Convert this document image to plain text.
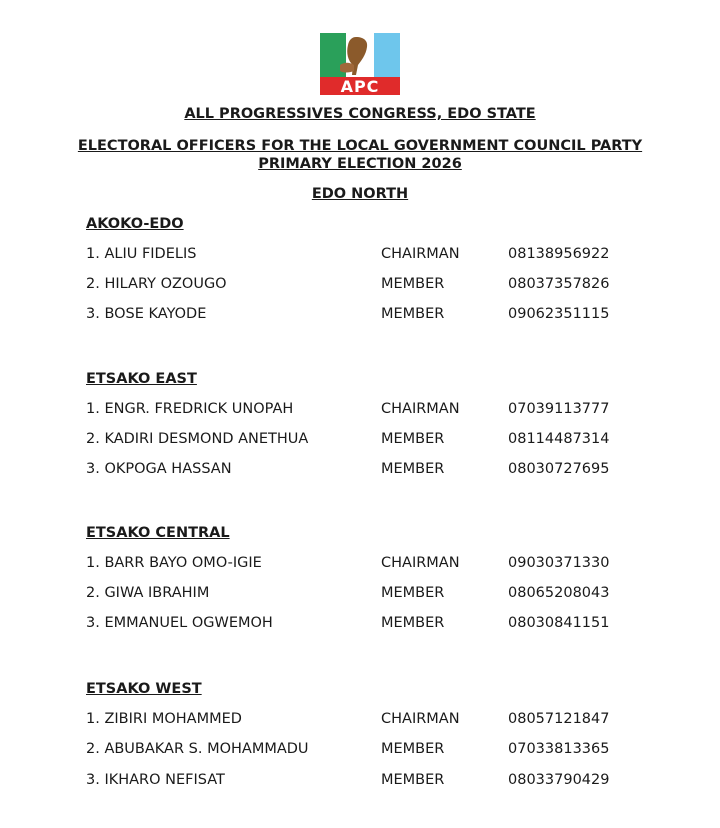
APC
ALL PROGRESSIVES CONGRESS, EDO STATE
ELECTORAL OFFICERS FOR THE LOCAL GOVERNMENT COUNCIL PARTY
PRIMARY ELECTION 2026
EDO NORTH
AKOKO-EDO
1. ALIU FIDELIS	CHAIRMAN	08138956922
2. HILARY OZOUGO	MEMBER	08037357826
3. BOSE KAYODE	MEMBER	09062351115
ETSAKO EAST
1. ENGR. FREDRICK UNOPAH	CHAIRMAN	07039113777
2. KADIRI DESMOND ANETHUA	MEMBER	08114487314
3. OKPOGA HASSAN	MEMBER	08030727695
ETSAKO CENTRAL
1. BARR BAYO OMO-IGIE	CHAIRMAN	09030371330
2. GIWA IBRAHIM	MEMBER	08065208043
3. EMMANUEL OGWEMOH	MEMBER	08030841151
ETSAKO WEST
1. ZIBIRI MOHAMMED	CHAIRMAN	08057121847
2. ABUBAKAR S. MOHAMMADU	MEMBER	07033813365
3. IKHARO NEFISAT	MEMBER	08033790429
